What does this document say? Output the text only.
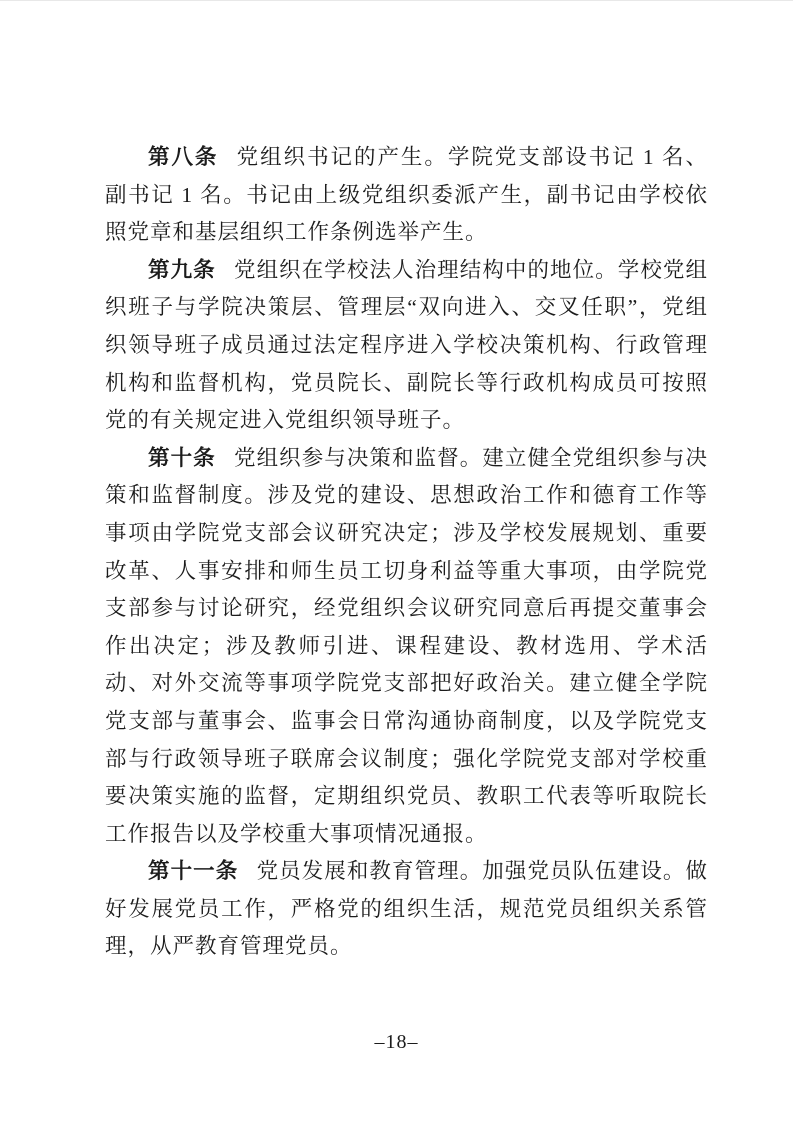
第八条 党组织书记的产生。学院党支部设书记 1 名、副书记 1 名。书记由上级党组织委派产生，副书记由学校依照党章和基层组织工作条例选举产生。

第九条 党组织在学校法人治理结构中的地位。学校党组织班子与学院决策层、管理层“双向进入、交叉任职”，党组织领导班子成员通过法定程序进入学校决策机构、行政管理机构和监督机构，党员院长、副院长等行政机构成员可按照党的有关规定进入党组织领导班子。

第十条 党组织参与决策和监督。建立健全党组织参与决策和监督制度。涉及党的建设、思想政治工作和德育工作等事项由学院党支部会议研究决定；涉及学校发展规划、重要改革、人事安排和师生员工切身利益等重大事项，由学院党支部参与讨论研究，经党组织会议研究同意后再提交董事会作出决定；涉及教师引进、课程建设、教材选用、学术活动、对外交流等事项学院党支部把好政治关。建立健全学院党支部与董事会、监事会日常沟通协商制度，以及学院党支部与行政领导班子联席会议制度；强化学院党支部对学校重要决策实施的监督，定期组织党员、教职工代表等听取院长工作报告以及学校重大事项情况通报。

第十一条 党员发展和教育管理。加强党员队伍建设。做好发展党员工作，严格党的组织生活，规范党员组织关系管理，从严教育管理党员。

–18–
